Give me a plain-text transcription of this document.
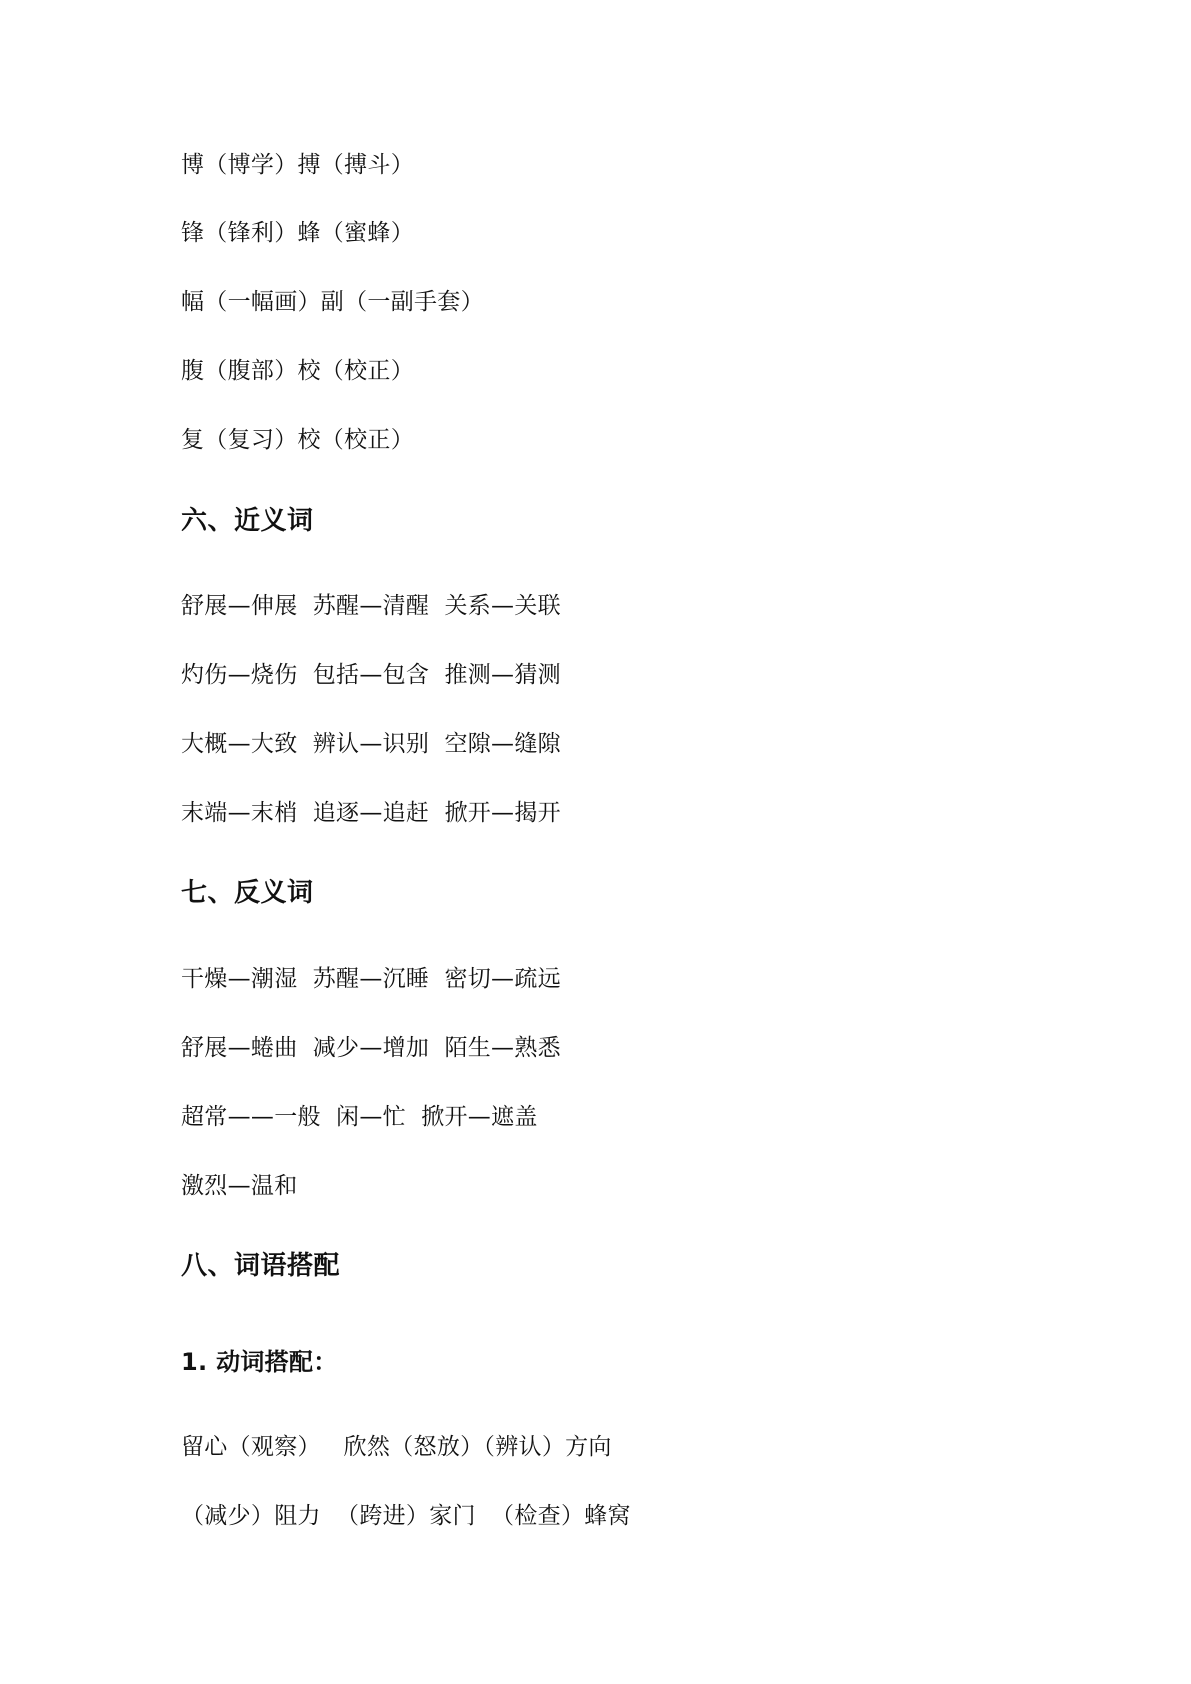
博（博学）搏（搏斗）
锋（锋利）蜂（蜜蜂）
幅（一幅画）副（一副手套）
腹（腹部）校（校正）
复（复习）校（校正）
六、近义词
舒展—伸展  苏醒—清醒  关系—关联
灼伤—烧伤  包括—包含  推测—猜测
大概—大致  辨认—识别  空隙—缝隙
末端—末梢  追逐—追赶  掀开—揭开
七、反义词
干燥—潮湿  苏醒—沉睡  密切—疏远
舒展—蜷曲  减少—增加  陌生—熟悉
超常——一般  闲—忙  掀开—遮盖
激烈—温和
八、词语搭配
1. 动词搭配：
留心（观察）   欣然（怒放）（辨认）方向
（减少）阻力  （跨进）家门  （检查）蜂窝
